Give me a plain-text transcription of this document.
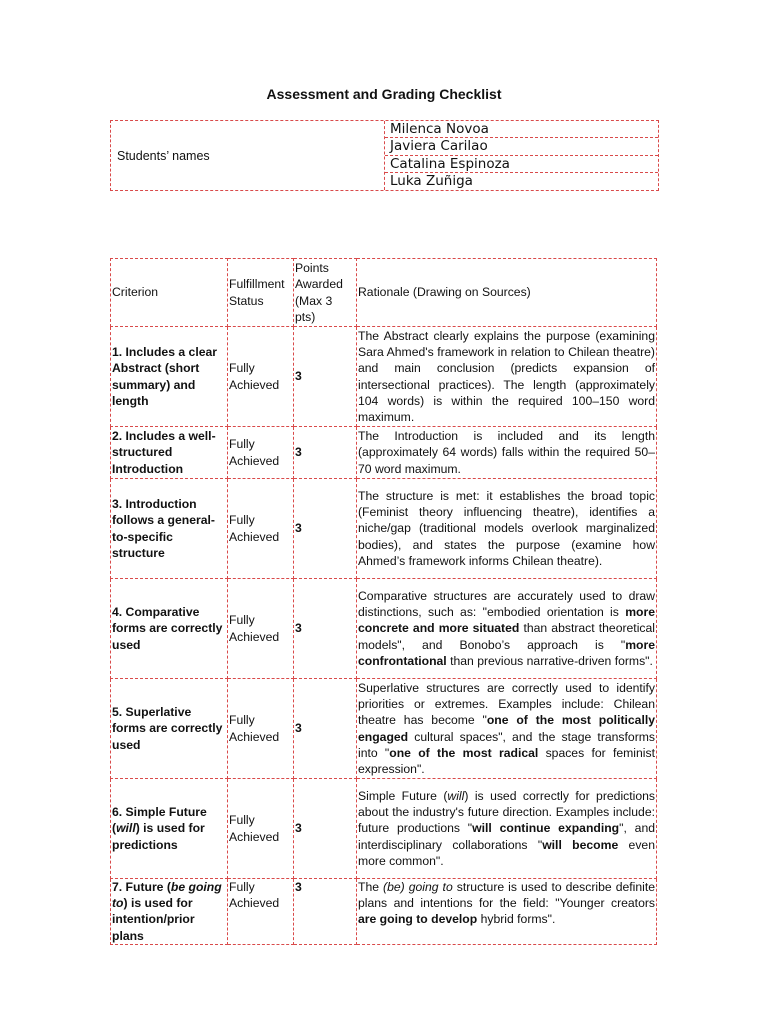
Assessment and Grading Checklist
Students’ names
Milenca Novoa
Javiera Carilao
Catalina Espinoza
Luka Zuñiga
Criterion	Fulfillment Status	Points Awarded (Max 3 pts)	Rationale (Drawing on Sources)
1. Includes a clear Abstract (short summary) and length	Fully Achieved	3	The Abstract clearly explains the purpose (examining Sara Ahmed's framework in relation to Chilean theatre) and main conclusion (predicts expansion of intersectional practices). The length (approximately 104 words) is within the required 100–150 word maximum.
2. Includes a well-structured Introduction	Fully Achieved	3	The Introduction is included and its length (approximately 64 words) falls within the required 50–70 word maximum.
3. Introduction follows a general-to-specific structure	Fully Achieved	3	The structure is met: it establishes the broad topic (Feminist theory influencing theatre), identifies a niche/gap (traditional models overlook marginalized bodies), and states the purpose (examine how Ahmed’s framework informs Chilean theatre).
4. Comparative forms are correctly used	Fully Achieved	3	Comparative structures are accurately used to draw distinctions, such as: "embodied orientation is more concrete and more situated than abstract theoretical models", and Bonobo’s approach is "more confrontational than previous narrative-driven forms".
5. Superlative forms are correctly used	Fully Achieved	3	Superlative structures are correctly used to identify priorities or extremes. Examples include: Chilean theatre has become "one of the most politically engaged cultural spaces", and the stage transforms into "one of the most radical spaces for feminist expression".
6. Simple Future (will) is used for predictions	Fully Achieved	3	Simple Future (will) is used correctly for predictions about the industry's future direction. Examples include: future productions "will continue expanding", and interdisciplinary collaborations "will become even more common".
7. Future (be going to) is used for intention/prior plans	Fully Achieved	3	The (be) going to structure is used to describe definite plans and intentions for the field: "Younger creators are going to develop hybrid forms".
